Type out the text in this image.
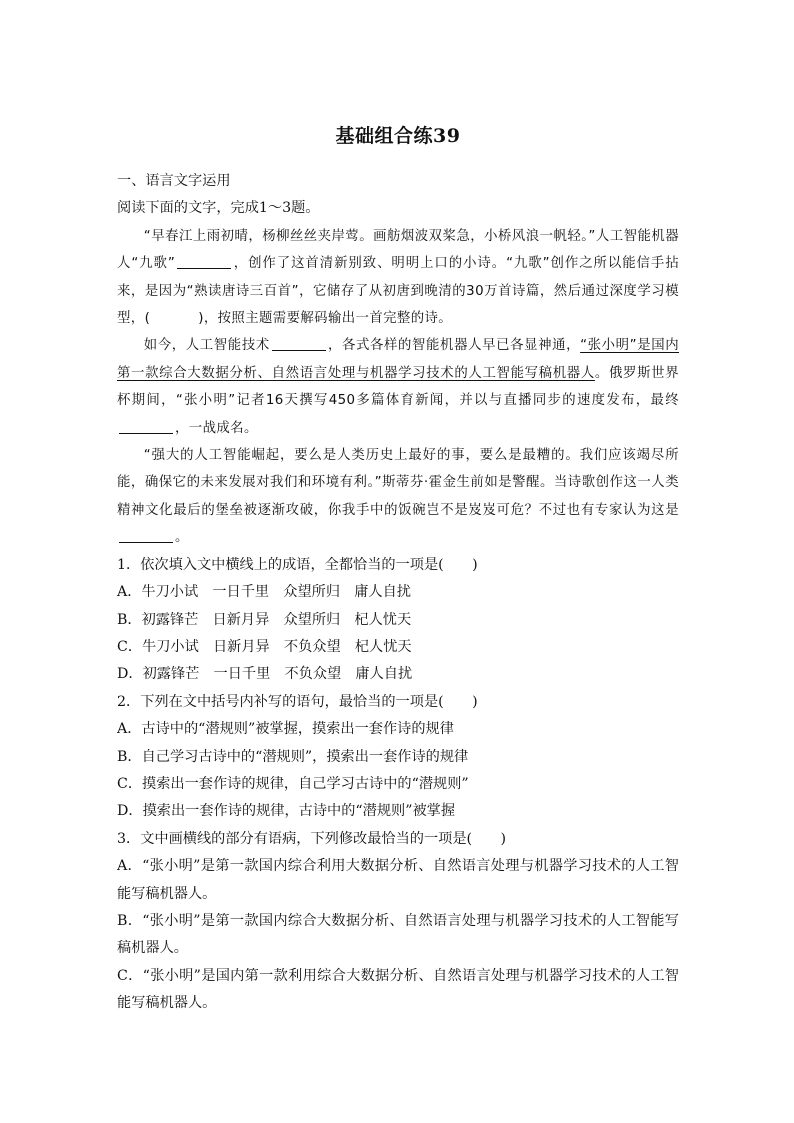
基础组合练39

一、语言文字运用

阅读下面的文字，完成1～3题。

“早春江上雨初晴，杨柳丝丝夹岸莺。画舫烟波双桨急，小桥风浪一帆轻。”人工智能机器人“九歌”	，创作了这首清新别致、明明上口的小诗。“九歌”创作之所以能信手拈来，是因为“熟读唐诗三百首”，它储存了从初唐到晚清的30万首诗篇，然后通过深度学习模型，(	)，按照主题需要解码输出一首完整的诗。

如今，人工智能技术	，各式各样的智能机器人早已各显神通，“张小明”是国内第一款综合大数据分析、自然语言处理与机器学习技术的人工智能写稿机器人。俄罗斯世界杯期间，“张小明”记者16天撰写450多篇体育新闻，并以与直播同步的速度发布，最终，一战成名。

“强大的人工智能崛起，要么是人类历史上最好的事，要么是最糟的。我们应该竭尽所能，确保它的未来发展对我们和环境有利。”斯蒂芬·霍金生前如是警醒。当诗歌创作这一人类精神文化最后的堡垒被逐渐攻破，你我手中的饭碗岂不是岌岌可危？不过也有专家认为这是。

1．依次填入文中横线上的成语，全都恰当的一项是(　　)

A．牛刀小试　一日千里　众望所归　庸人自扰

B．初露锋芒　日新月异　众望所归　杞人忧天

C．牛刀小试　日新月异　不负众望　杞人忧天

D．初露锋芒　一日千里　不负众望　庸人自扰

2．下列在文中括号内补写的语句，最恰当的一项是(　　)

A．古诗中的“潜规则”被掌握，摸索出一套作诗的规律

B．自己学习古诗中的“潜规则”，摸索出一套作诗的规律

C．摸索出一套作诗的规律，自己学习古诗中的“潜规则”

D．摸索出一套作诗的规律，古诗中的“潜规则”被掌握

3．文中画横线的部分有语病，下列修改最恰当的一项是(　　)

A．“张小明”是第一款国内综合利用大数据分析、自然语言处理与机器学习技术的人工智能写稿机器人。

B．“张小明”是第一款国内综合大数据分析、自然语言处理与机器学习技术的人工智能写稿机器人。

C．“张小明”是国内第一款利用综合大数据分析、自然语言处理与机器学习技术的人工智能写稿机器人。
